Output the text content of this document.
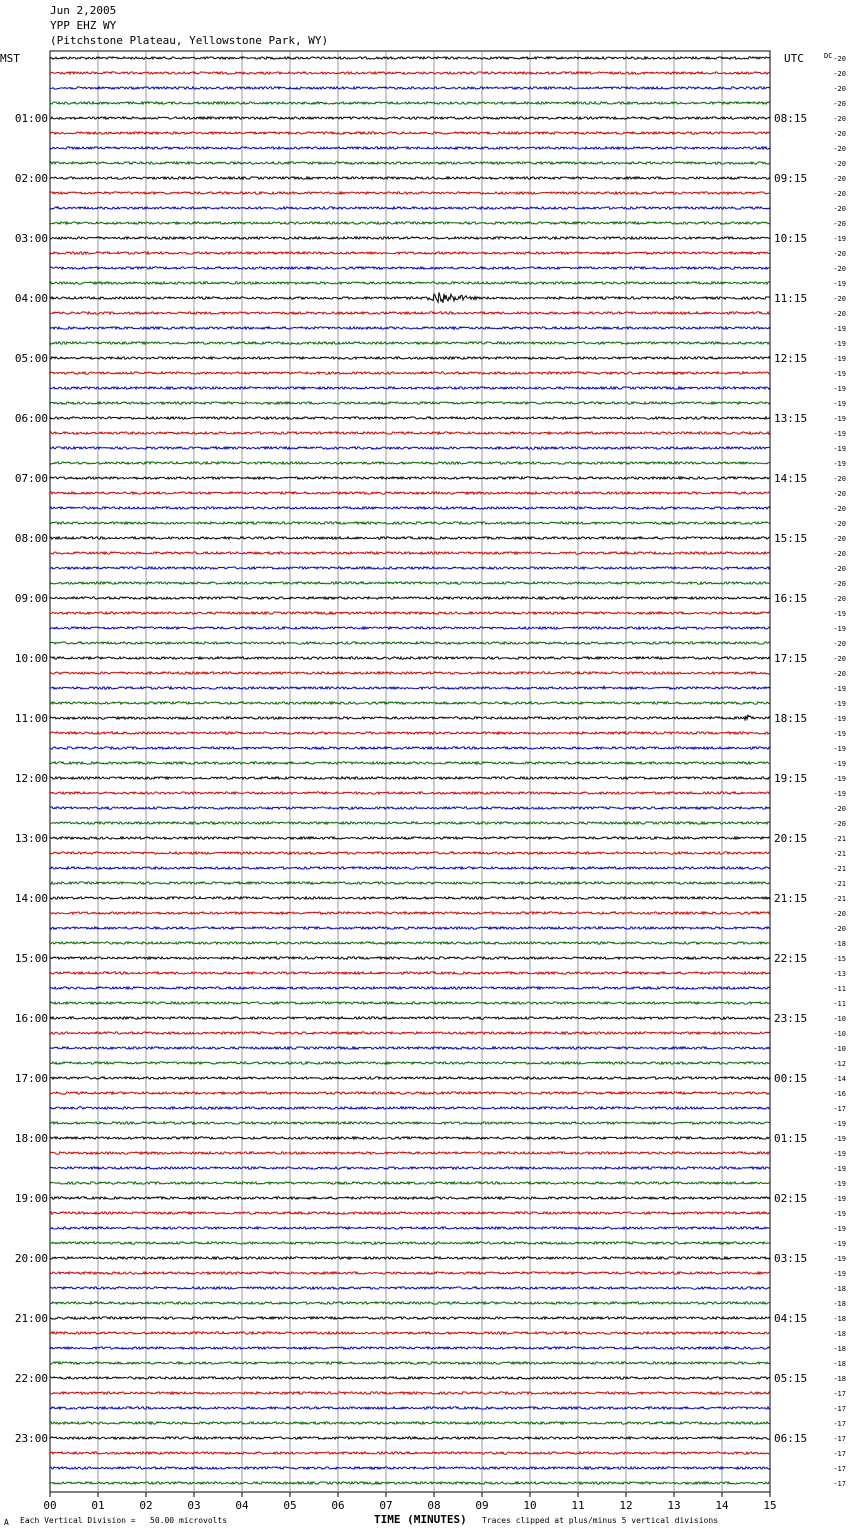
Jun 2,2005
YPP EHZ WY
(Pitchstone Plateau, Yellowstone Park, WY)
MST	UTC	DC
01:00	08:15
02:00	09:15
03:00	10:15
04:00	11:15
05:00	12:15
06:00	13:15
07:00	14:15
08:00	15:15
09:00	16:15
10:00	17:15
11:00	18:15
12:00	19:15
13:00	20:15
14:00	21:15
15:00	22:15
16:00	23:15
17:00	00:15
18:00	01:15
19:00	02:15
20:00	03:15
21:00	04:15
22:00	05:15
23:00	06:15
-20
-20
-20
-20
-20
-20
-20
-20
-20
-20
-20
-20
-19
-20
-20
-19
-20
-20
-19
-19
-19
-19
-19
-19
-19
-19
-19
-19
-20
-20
-20
-20
-20
-20
-20
-20
-20
-19
-19
-20
-20
-20
-19
-19
-19
-19
-19
-19
-19
-19
-20
-20
-21
-21
-21
-21
-21
-20
-20
-18
-15
-13
-11
-11
-10
-10
-10
-12
-14
-16
-17
-19
-19
-19
-19
-19
-19
-19
-19
-19
-19
-19
-18
-18
-18
-18
-18
-18
-18
-17
-17
-17
-17
-17
-17
-17
00	01	02	03	04	05	06	07	08	09	10	11	12	13	14	15
A Each Vertical Division =   50.00 microvolts	TIME (MINUTES) Traces clipped at plus/minus 5 vertical divisions
